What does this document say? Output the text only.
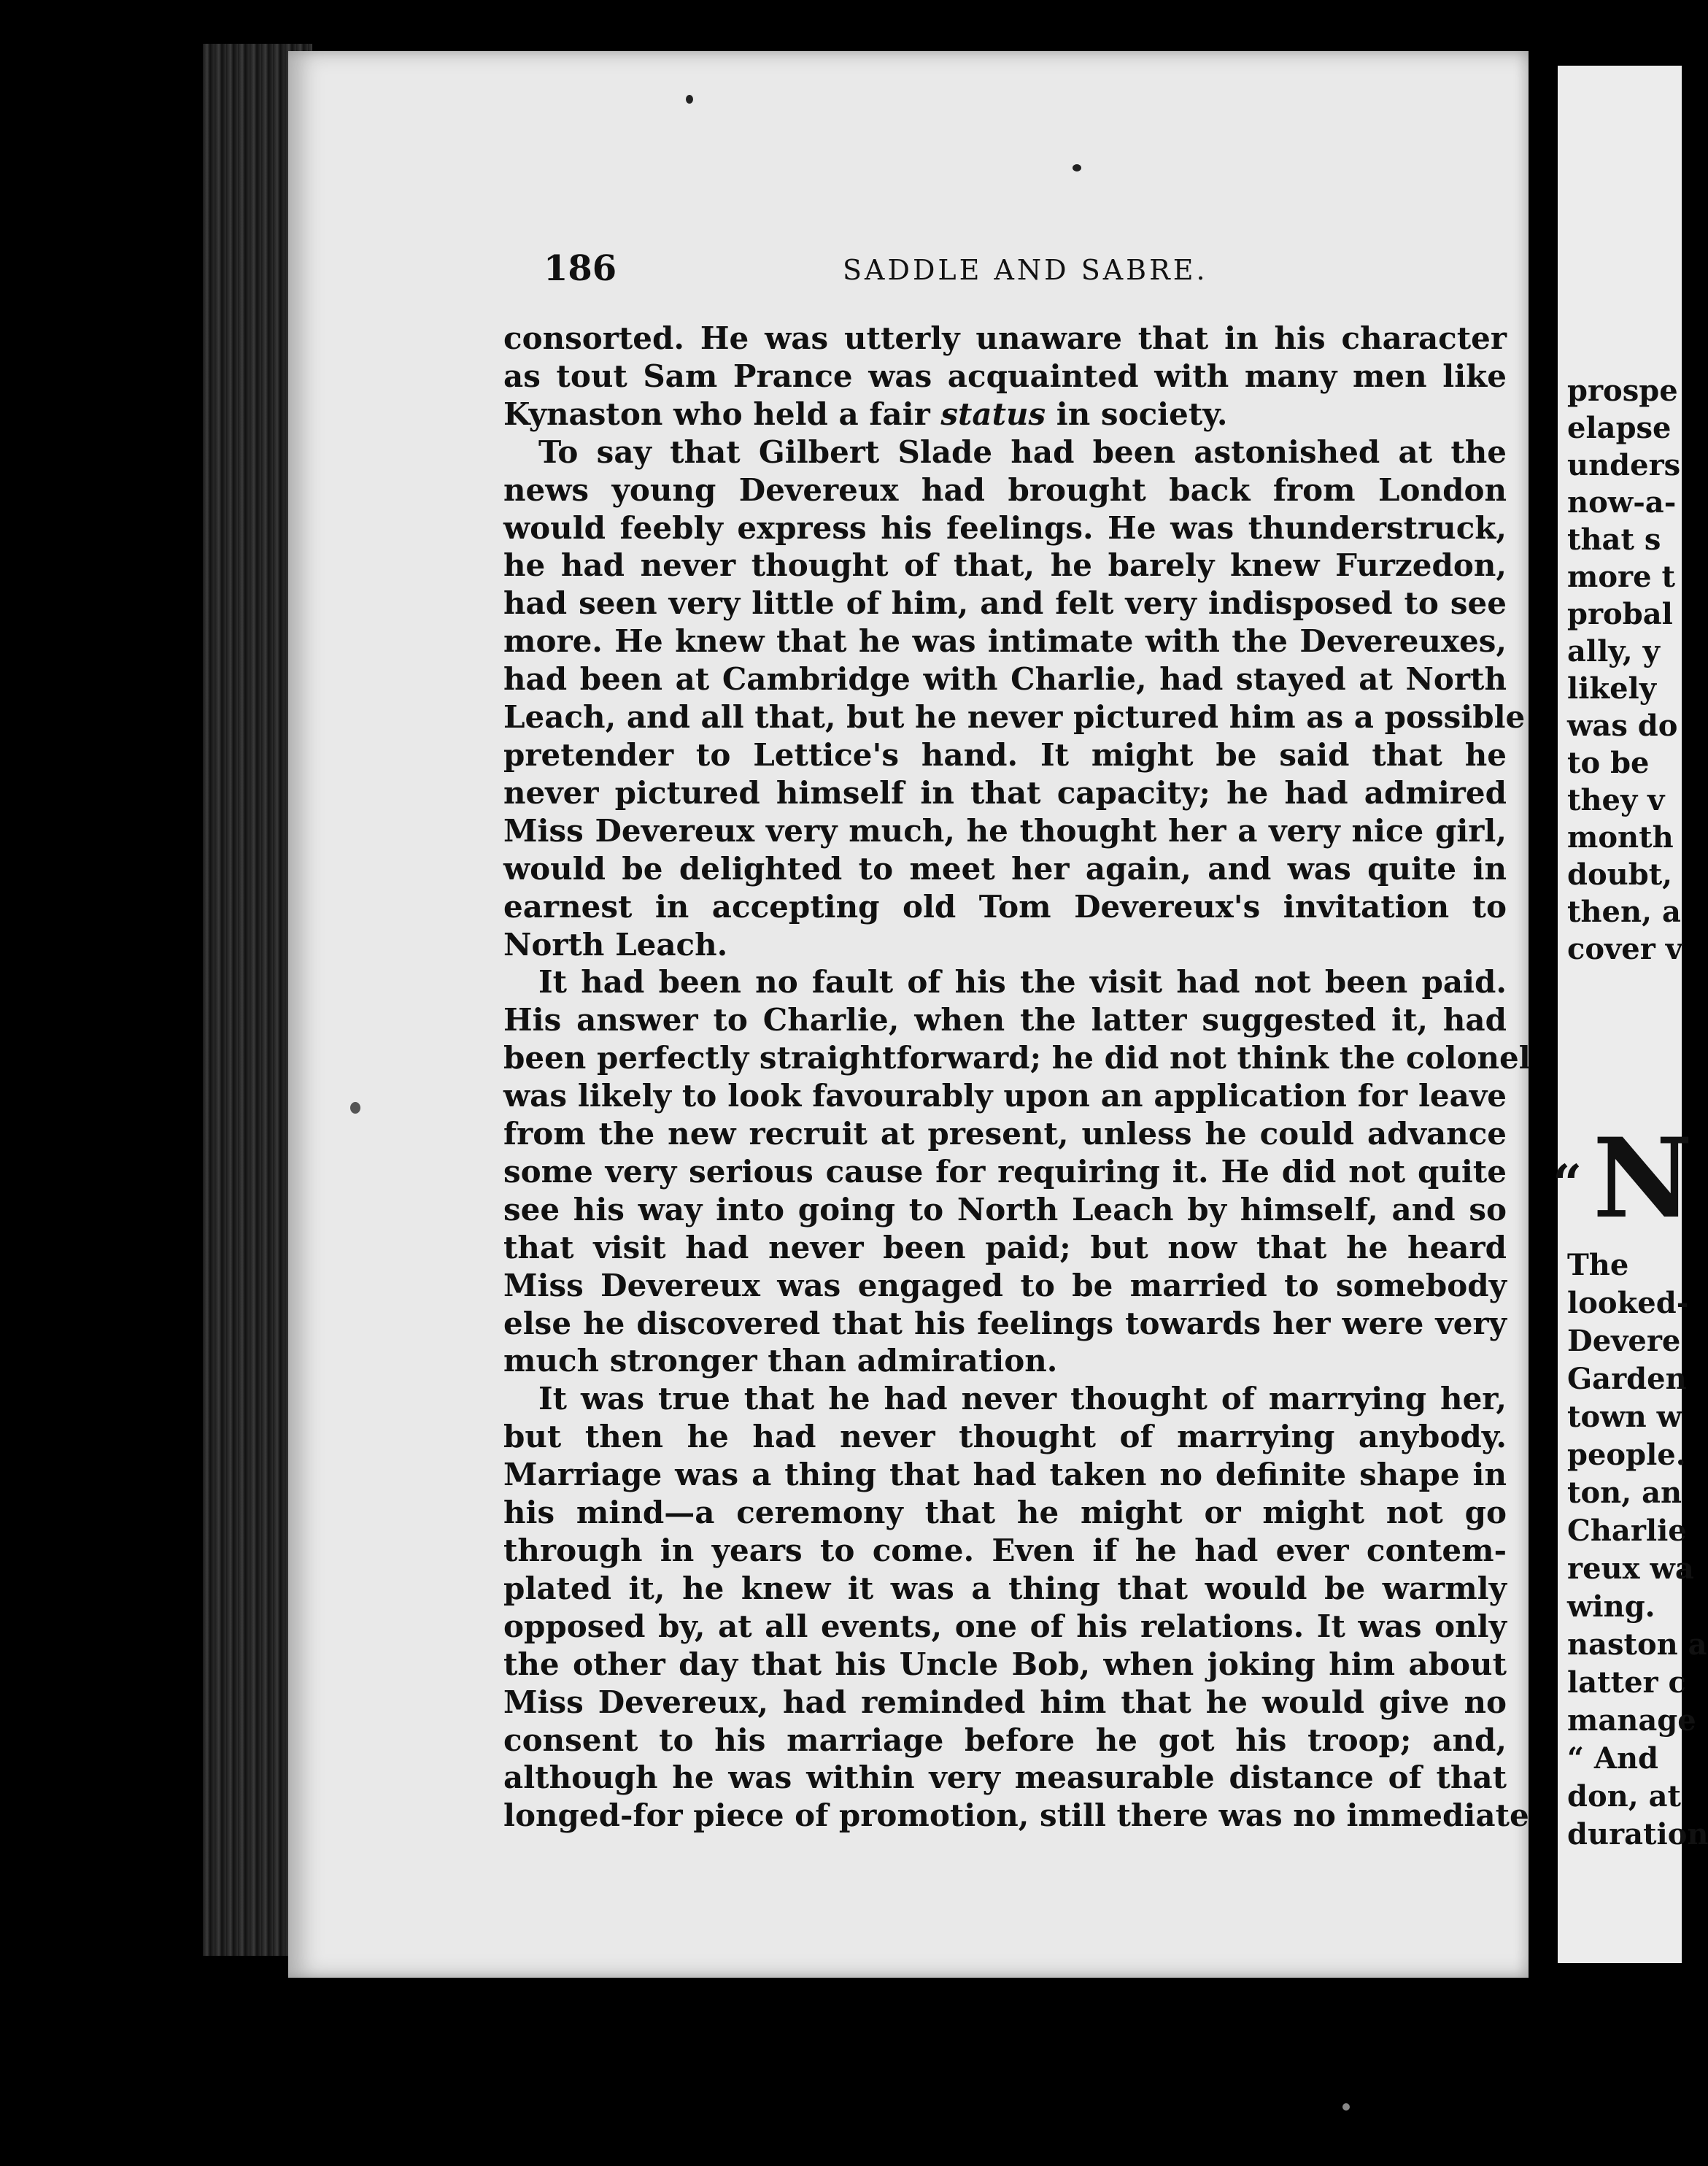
186	SADDLE AND SABRE.
consorted. He was utterly unaware that in his character
as tout Sam Prance was acquainted with many men like
Kynaston who held a fair status in society.
To say that Gilbert Slade had been astonished at the
news young Devereux had brought back from London
would feebly express his feelings. He was thunderstruck,
he had never thought of that, he barely knew Furzedon,
had seen very little of him, and felt very indisposed to see
more. He knew that he was intimate with the Devereuxes,
had been at Cambridge with Charlie, had stayed at North
Leach, and all that, but he never pictured him as a possible
pretender to Lettice's hand. It might be said that he
never pictured himself in that capacity; he had admired
Miss Devereux very much, he thought her a very nice girl,
would be delighted to meet her again, and was quite in
earnest in accepting old Tom Devereux's invitation to
North Leach.
It had been no fault of his the visit had not been paid.
His answer to Charlie, when the latter suggested it, had
been perfectly straightforward; he did not think the colonel
was likely to look favourably upon an application for leave
from the new recruit at present, unless he could advance
some very serious cause for requiring it. He did not quite
see his way into going to North Leach by himself, and so
that visit had never been paid; but now that he heard
Miss Devereux was engaged to be married to somebody
else he discovered that his feelings towards her were very
much stronger than admiration.
It was true that he had never thought of marrying her,
but then he had never thought of marrying anybody.
Marriage was a thing that had taken no definite shape in
his mind—a ceremony that he might or might not go
through in years to come. Even if he had ever contem-
plated it, he knew it was a thing that would be warmly
opposed by, at all events, one of his relations. It was only
the other day that his Uncle Bob, when joking him about
Miss Devereux, had reminded him that he would give no
consent to his marriage before he got his troop; and,
although he was within very measurable distance of that
longed-for piece of promotion, still there was no immediate
prospe
elapse
unders
now-a-
that s
more t
probal
ally, y
likely
was do
to be
they v
month
doubt,
then, a
cover v
“ N
The
looked-
Devere
Garden
town w
people.
ton, an
Charlie
reux wa
wing.
naston a
latter c
manage
“ And
don, at
duration
